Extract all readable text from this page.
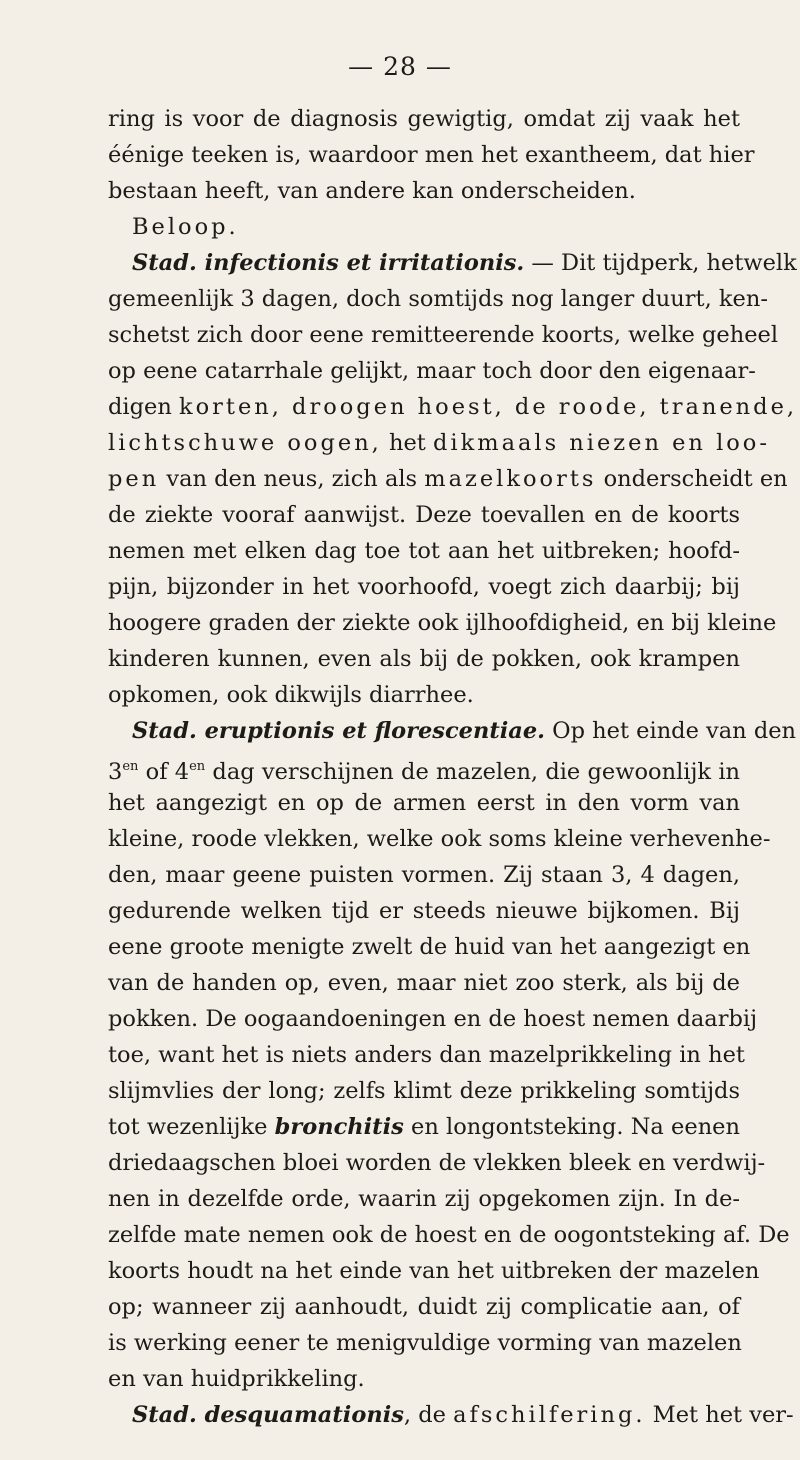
— 28 —
ring is voor de diagnosis gewigtig, omdat zij vaak het
éénige teeken is, waardoor men het exantheem, dat hier
bestaan heeft, van andere kan onderscheiden.
Beloop.
Stad. infectionis et irritationis. — Dit tijdperk, hetwelk
gemeenlijk 3 dagen, doch somtijds nog langer duurt, ken-
schetst zich door eene remitteerende koorts, welke geheel
op eene catarrhale gelijkt, maar toch door den eigenaar-
digen korten, droogen hoest, de roode, tranende,
lichtschuwe oogen, het dikmaals niezen en loo-
pen van den neus, zich als mazelkoorts onderscheidt en
de ziekte vooraf aanwijst. Deze toevallen en de koorts
nemen met elken dag toe tot aan het uitbreken; hoofd-
pijn, bijzonder in het voorhoofd, voegt zich daarbij; bij
hoogere graden der ziekte ook ijlhoofdigheid, en bij kleine
kinderen kunnen, even als bij de pokken, ook krampen
opkomen, ook dikwijls diarrhee.
Stad. eruptionis et florescentiae. Op het einde van den
$3^{en}$ of $4^{en}$ dag verschijnen de mazelen, die gewoonlijk in
het aangezigt en op de armen eerst in den vorm van
kleine, roode vlekken, welke ook soms kleine verhevenhe-
den, maar geene puisten vormen. Zij staan 3, 4 dagen,
gedurende welken tijd er steeds nieuwe bijkomen. Bij
eene groote menigte zwelt de huid van het aangezigt en
van de handen op, even, maar niet zoo sterk, als bij de
pokken. De oogaandoeningen en de hoest nemen daarbij
toe, want het is niets anders dan mazelprikkeling in het
slijmvlies der long; zelfs klimt deze prikkeling somtijds
tot wezenlijke bronchitis en longontsteking. Na eenen
driedaagschen bloei worden de vlekken bleek en verdwij-
nen in dezelfde orde, waarin zij opgekomen zijn. In de-
zelfde mate nemen ook de hoest en de oogontsteking af. De
koorts houdt na het einde van het uitbreken der mazelen
op; wanneer zij aanhoudt, duidt zij complicatie aan, of
is werking eener te menigvuldige vorming van mazelen
en van huidprikkeling.
Stad. desquamationis, de afschilfering. Met het ver-
